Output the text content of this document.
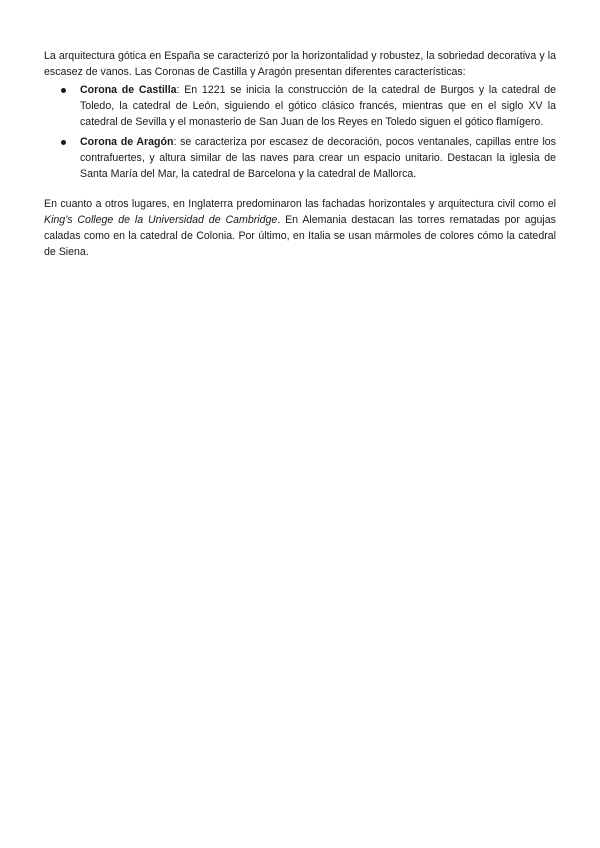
La arquitectura gótica en España se caracterizó por la horizontalidad y robustez, la sobriedad decorativa y la escasez de vanos. Las Coronas de Castilla y Aragón presentan diferentes características:

Corona de Castilla: En 1221 se inicia la construcción de la catedral de Burgos y la catedral de Toledo, la catedral de León, siguiendo el gótico clásico francés, mientras que en el siglo XV la catedral de Sevilla y el monasterio de San Juan de los Reyes en Toledo siguen el gótico flamígero.
Corona de Aragón: se caracteriza por escasez de decoración, pocos ventanales, capillas entre los contrafuertes, y altura similar de las naves para crear un espacio unitario. Destacan la iglesia de Santa María del Mar, la catedral de Barcelona y la catedral de Mallorca.

En cuanto a otros lugares, en Inglaterra predominaron las fachadas horizontales y arquitectura civil como el King's College de la Universidad de Cambridge. En Alemania destacan las torres rematadas por agujas caladas como en la catedral de Colonia. Por último, en Italia se usan mármoles de colores cómo la catedral de Siena.
